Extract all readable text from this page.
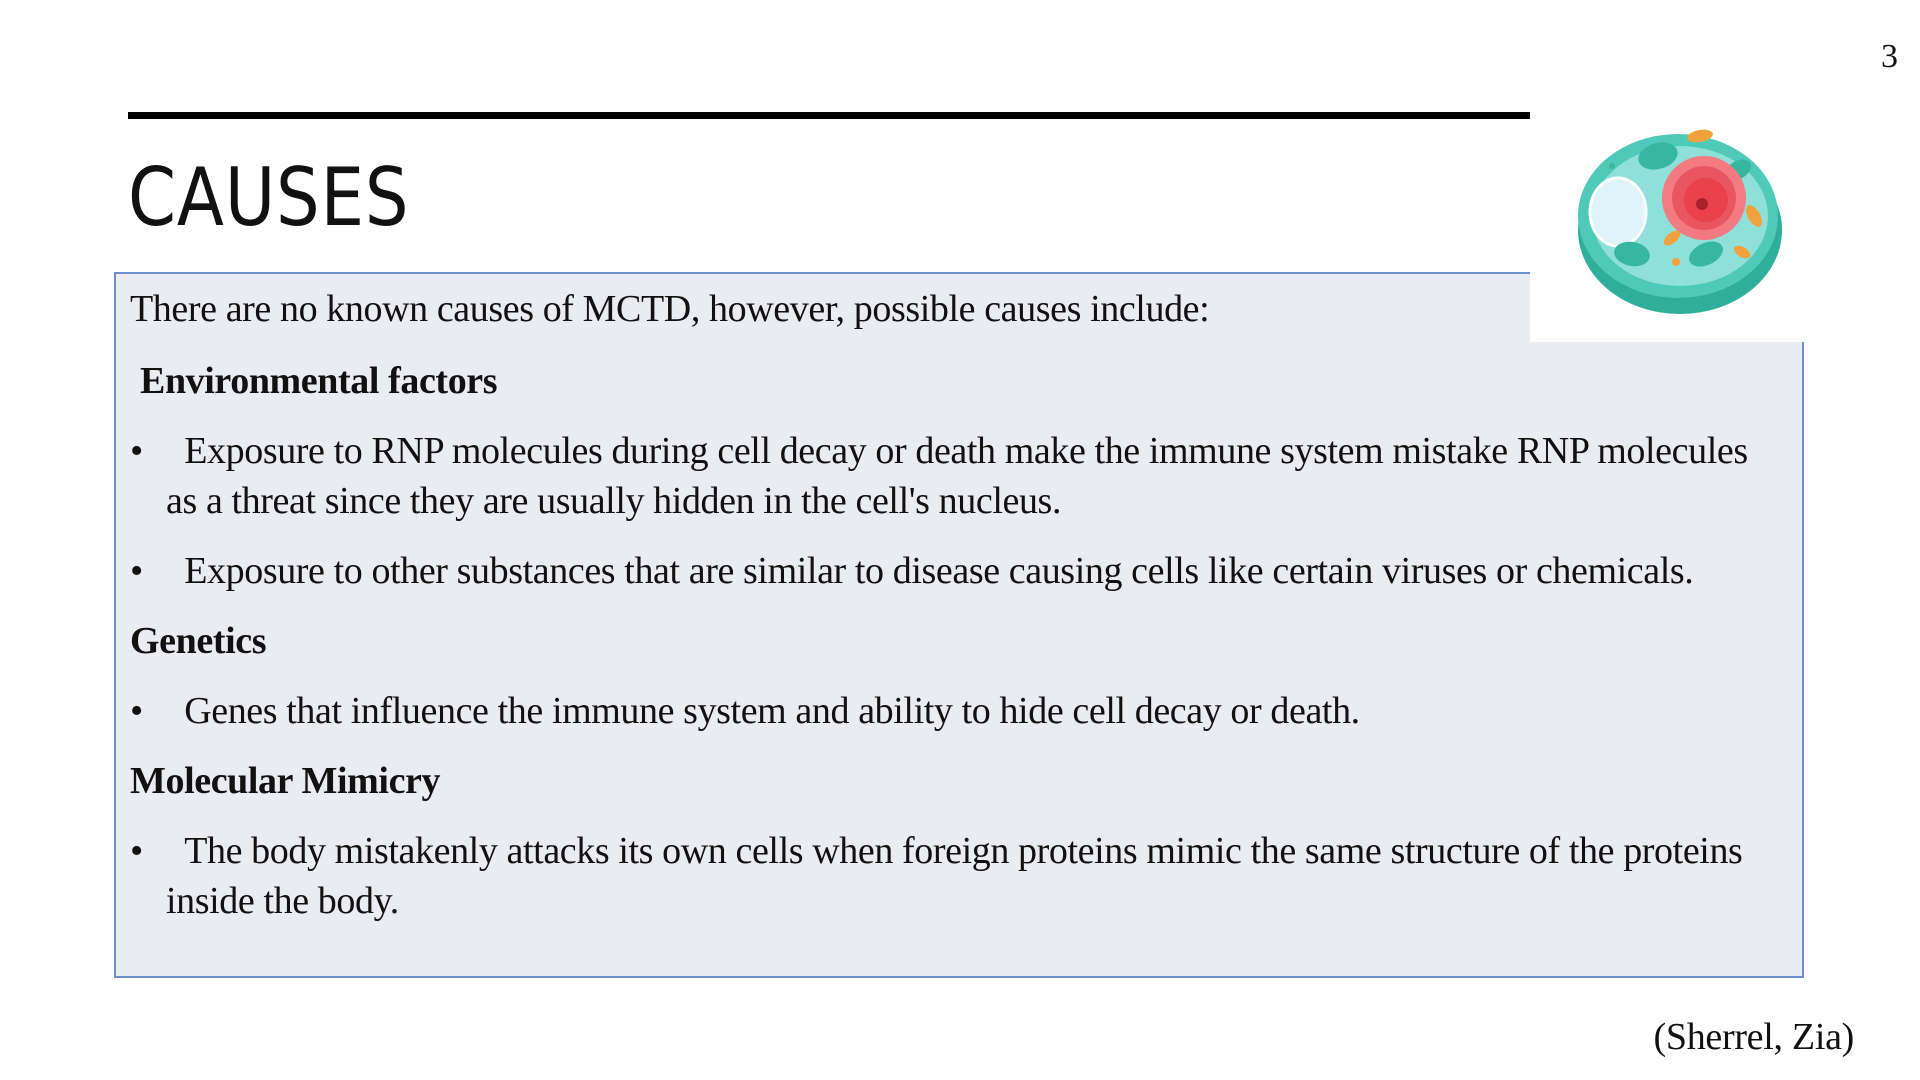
3
CAUSES

There are no known causes of MCTD, however, possible causes include:

Environmental factors

• Exposure to RNP molecules during cell decay or death make the immune system mistake RNP molecules as a threat since they are usually hidden in the cell's nucleus.
• Exposure to other substances that are similar to disease causing cells like certain viruses or chemicals.

Genetics

• Genes that influence the immune system and ability to hide cell decay or death.

Molecular Mimicry

• The body mistakenly attacks its own cells when foreign proteins mimic the same structure of the proteins inside the body.
(Sherrel, Zia)
